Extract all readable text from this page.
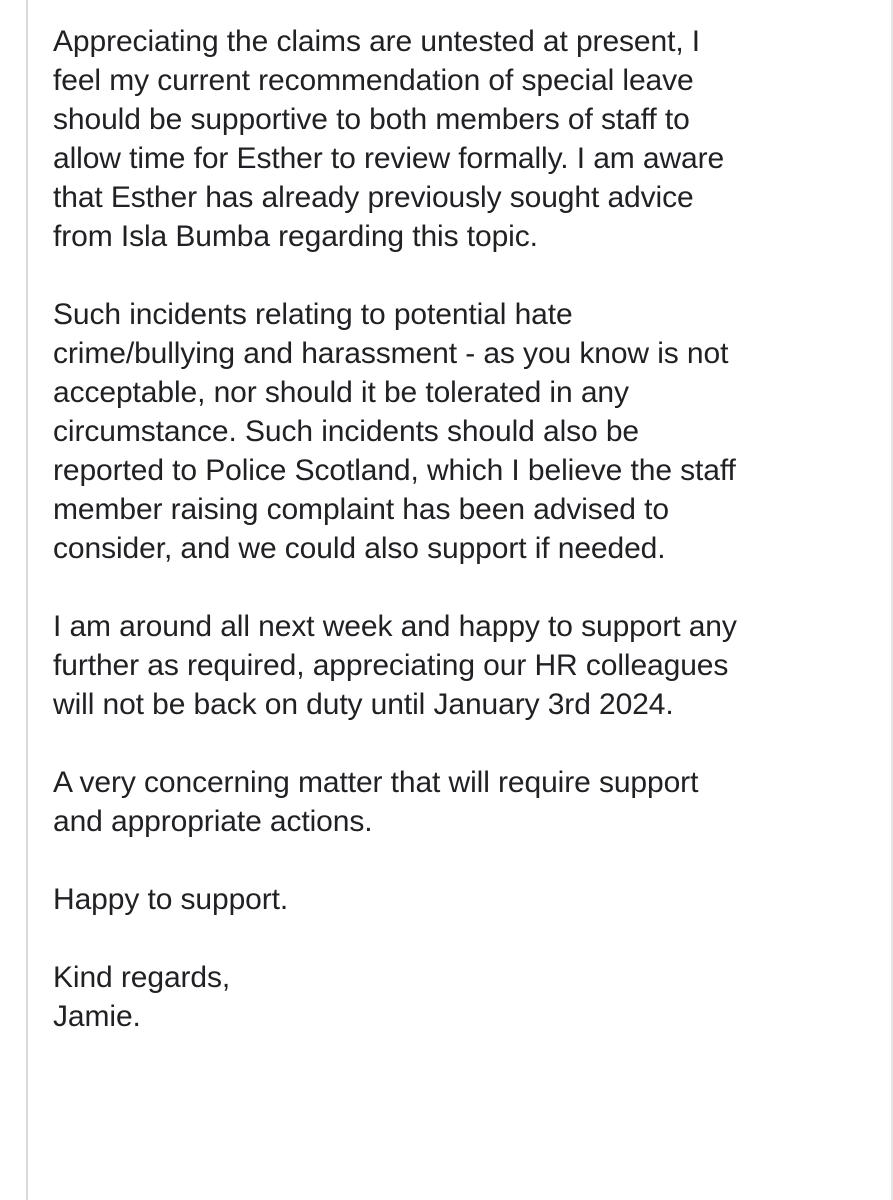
Appreciating the claims are untested at present, I
feel my current recommendation of special leave
should be supportive to both members of staff to
allow time for Esther to review formally. I am aware
that Esther has already previously sought advice
from Isla Bumba regarding this topic.

Such incidents relating to potential hate
crime/bullying and harassment - as you know is not
acceptable, nor should it be tolerated in any
circumstance. Such incidents should also be
reported to Police Scotland, which I believe the staff
member raising complaint has been advised to
consider, and we could also support if needed.

I am around all next week and happy to support any
further as required, appreciating our HR colleagues
will not be back on duty until January 3rd 2024.

A very concerning matter that will require support
and appropriate actions.

Happy to support.

Kind regards,
Jamie.
